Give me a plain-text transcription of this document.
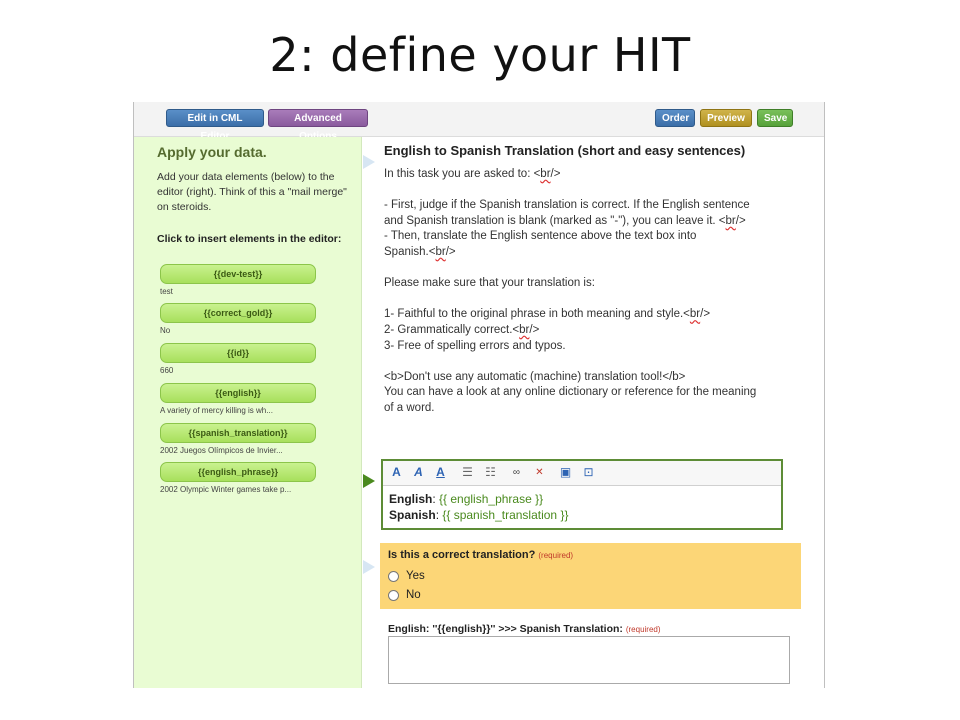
2: define your HIT
Edit in CML	Advanced	Order	Preview	Save
Apply your data.
Add your data elements (below) to the editor (right). Think of this a "mail merge" on steroids.
Click to insert elements in the editor:
{{dev-test}}
test
{{correct_gold}}
No
{{id}}
660
{{english}}
A variety of mercy killing is wh...
{{spanish_translation}}
2002 Juegos Olímpicos de Invier...
{{english_phrase}}
2002 Olympic Winter games take p...
English to Spanish Translation (short and easy sentences)

In this task you are asked to: <br/>

- First, judge if the Spanish translation is correct. If the English sentence

and Spanish translation is blank (marked as "-"), you can leave it. <br/>

- Then, translate the English sentence above the text box into

Spanish.<br/>

Please make sure that your translation is:

1- Faithful to the original phrase in both meaning and style.<br/>

2- Grammatically correct.<br/>

3- Free of spelling errors and typos.

<b>Don't use any automatic (machine) translation tool!</b>

You can have a look at any online dictionary or reference for the meaning

of a word.

A A A ☰ ☷ ∞ ✕ ▣ ⊡
English: {{ english_phrase }}
Spanish: {{ spanish_translation }}
Is this a correct translation? (required)
Yes
No
English: ''{{english}}'' >>> Spanish Translation: (required)
